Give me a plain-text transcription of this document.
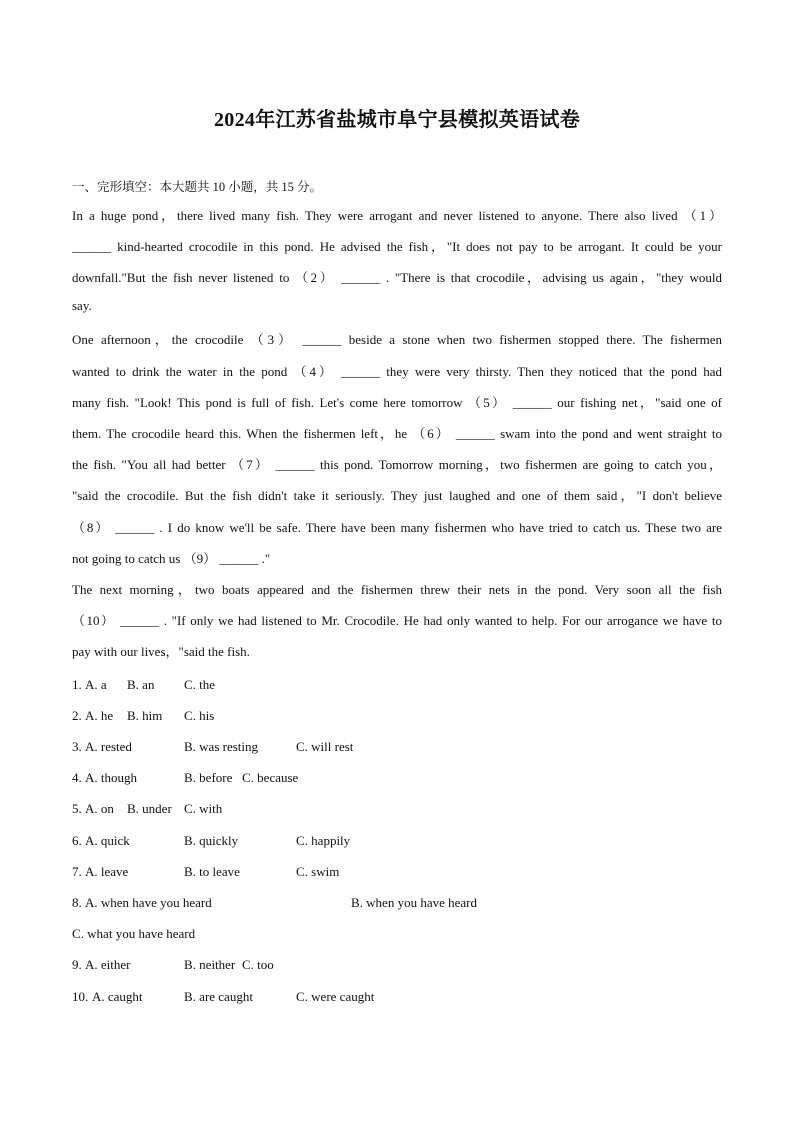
2024年江苏省盐城市阜宁县模拟英语试卷
一、完形填空：本大题共 10 小题，共 15 分。
In a huge pond，there lived many fish. They were arrogant and never listened to anyone. There also lived （1）
______ kind-hearted crocodile in this pond. He advised the fish，"It does not pay to be arrogant. It could be your
downfall."But the fish never listened to （2） ______ . "There is that crocodile，advising us again，"they would
say.
One afternoon，the crocodile （3） ______ beside a stone when two fishermen stopped there. The fishermen
wanted to drink the water in the pond （4） ______ they were very thirsty. Then they noticed that the pond had
many fish. "Look! This pond is full of fish. Let's come here tomorrow （5） ______ our fishing net，"said one of
them. The crocodile heard this. When the fishermen left，he （6） ______ swam into the pond and went straight to
the fish. "You all had better （7） ______ this pond. Tomorrow morning，two fishermen are going to catch you，
"said the crocodile. But the fish didn't take it seriously. They just laughed and one of them said，"I don't believe
（8） ______ . I do know we'll be safe. There have been many fishermen who have tried to catch us. These two are
not going to catch us （9） ______ ."
The next morning，two boats appeared and the fishermen threw their nets in the pond. Very soon all the fish
（10） ______ . "If only we had listened to Mr. Crocodile. He had only wanted to help. For our arrogance we have to
pay with our lives，"said the fish.
1. A. a B. an C. the
2. A. he B. him C. his
3. A. rested	B. was resting	C. will rest
4. A. though	B. before C. because
5. A. on B. under C. with
6. A. quick	B. quickly	C. happily
7. A. leave	B. to leave	C. swim
8. A. when have you heard	B. when you have heard
C. what you have heard
9. A. either	B. neither C. too
10. A. caught	B. are caught	C. were caught
